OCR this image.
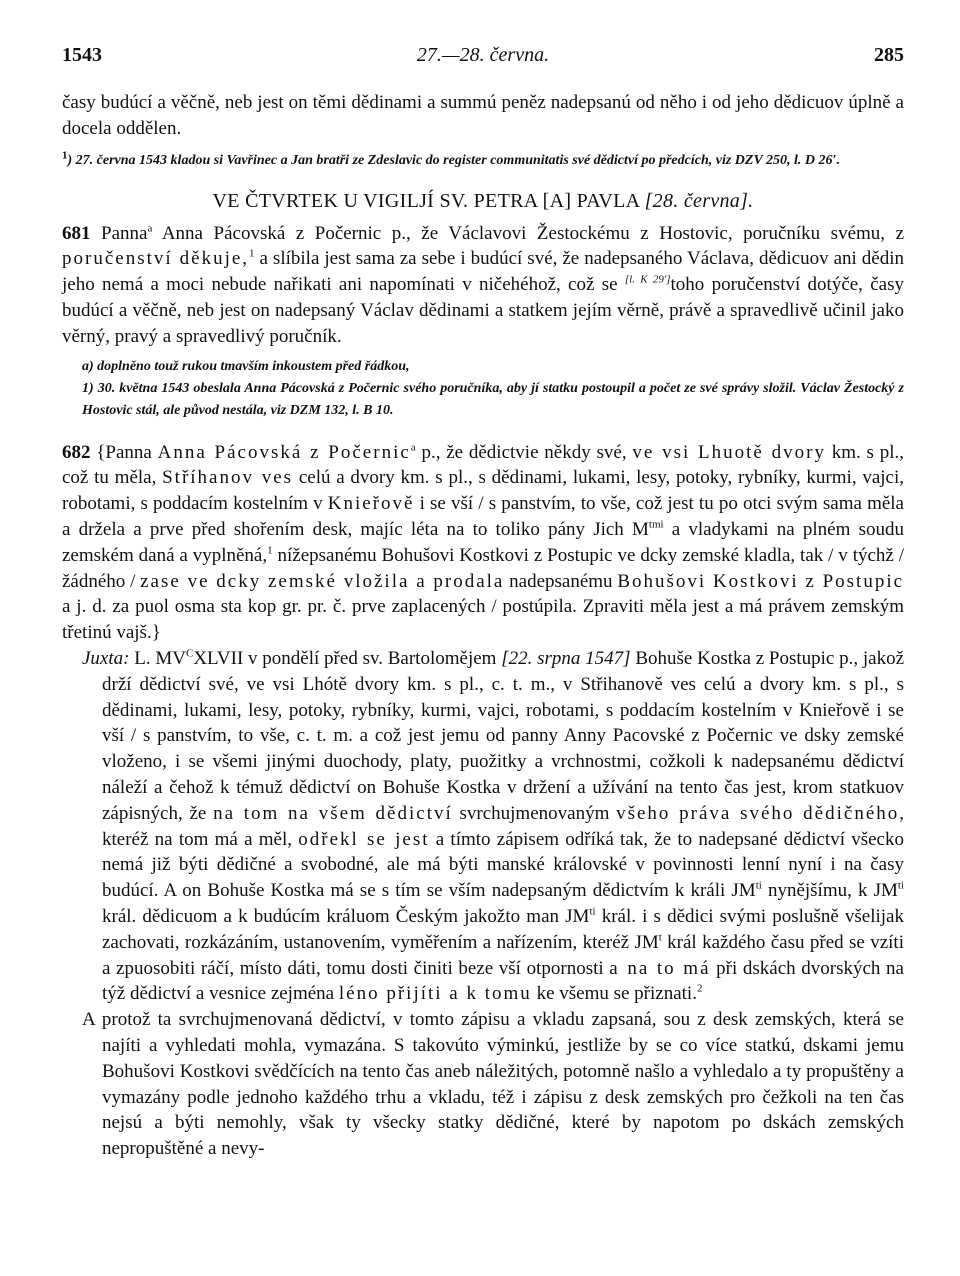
1543	27.—28. června.	285

časy budúcí a věčně, neb jest on těmi dědinami a summú peněz nadepsanú od něho i od jeho dědicuov úplně a docela oddělen.

$^1$) 27. června 1543 kladou si Vavřinec a Jan bratři ze Zdeslavic do register communitatis své dědictví po předcích, viz DZV 250, l. D 26′.

VE ČTVRTEK U VIGILJÍ SV. PETRA [A] PAVLA [28. června].

681 Panna$^a$ Anna Pácovská z Počernic p., že Václavovi Žestockému z Hostovic, poručníku svému, z poručenství děkuje,$^1$ a slíbila jest sama za sebe i budúcí své, že nadepsaného Václava, dědicuov ani dědin jeho nemá a moci nebude nařikati ani napomínati v ničehéhož, což se [l. K 29′]toho poručenství dotýče, časy budúcí a věčně, neb jest on nadepsaný Václav dědinami a statkem jejím věrně, právě a spravedlivě učinil jako věrný, pravý a spravedlivý poručník.

a) doplněno touž rukou tmavším inkoustem před řádkou,

1) 30. května 1543 obeslala Anna Pácovská z Počernic svého poručníka, aby jí statku postoupil a počet ze své správy složil. Václav Žestocký z Hostovic stál, ale původ nestála, viz DZM 132, l. B 10.

682 {Panna Anna Pácovská z Počernic$^a$ p., že dědictvie někdy své, ve vsi Lhuotě dvory km. s pl., což tu měla, Stříhanov ves celú a dvory km. s pl., s dědinami, lukami, lesy, potoky, rybníky, kurmi, vajci, robotami, s poddacím kostelním v Knieřově i se vší / s panstvím, to vše, což jest tu po otci svým sama měla a držela a prve před shořením desk, majíc léta na to toliko pány Jich $M^{tmi}$ a vladykami na plném soudu zemském daná a vyplněná,$^1$ nížepsanému Bohušovi Kostkovi z Postupic ve dcky zemské kladla, tak / v týchž / žádného / zase ve dcky zemské vložila a prodala nadepsanému Bohušovi Kostkovi z Postupic a j. d. za puol osma sta kop gr. pr. č. prve zaplacených / postúpila. Zpraviti měla jest a má právem zemským třetinú vajš.}

Juxta: L. $MV^CXLVII$ v pondělí před sv. Bartolomějem [22. srpna 1547] Bohuše Kostka z Postupic p., jakož drží dědictví své, ve vsi Lhótě dvory km. s pl., c. t. m., v Střihanově ves celú a dvory km. s pl., s dědinami, lukami, lesy, potoky, rybníky, kurmi, vajci, robotami, s poddacím kostelním v Knieřově i se vší / s panstvím, to vše, c. t. m. a což jest jemu od panny Anny Pacovské z Počernic ve dsky zemské vloženo, i se všemi jinými duochody, platy, puožitky a vrchnostmi, cožkoli k nadepsanému dědictví náleží a čehož k témuž dědictví on Bohuše Kostka v držení a užívání na tento čas jest, krom statkuov zápisných, že na tom na všem dědictví svrchujmenovaným všeho práva svého dědičného, kteréž na tom má a měl, odřekl se jest a tímto zápisem odříká tak, že to nadepsané dědictví všecko nemá již býti dědičné a svobodné, ale má býti manské královské v povinnosti lenní nyní i na časy budúcí. A on Bohuše Kostka má se s tím se vším nadepsaným dědictvím k králi $JM^{ti}$ nynějšímu, k $JM^{ti}$ král. dědicuom a k budúcím králuom Českým jakožto man $JM^{ti}$ král. i s dědici svými poslušně všelijak zachovati, rozkázáním, ustanovením, vyměřením a nařízením, kteréž $JM^t$ král každého času před se vzíti a zpuosobiti ráčí, místo dáti, tomu dosti činiti beze vší otpornosti a na to má při dskách dvorských na týž dědictví a vesnice zejména léno přijíti a k tomu ke všemu se přiznati.$^2$

A protož ta svrchujmenovaná dědictví, v tomto zápisu a vkladu zapsaná, sou z desk zemských, která se najíti a vyhledati mohla, vymazána. S takovúto výminkú, jestliže by se co více statkú, dskami jemu Bohušovi Kostkovi svědčících na tento čas aneb náležitých, potomně našlo a vyhledalo a ty propuštěny a vymazány podle jednoho každého trhu a vkladu, též i zápisu z desk zemských pro čežkoli na ten čas nejsú a býti nemohly, však ty všecky statky dědičné, které by napotom po dskách zemských nepropuštěné a nevy-
